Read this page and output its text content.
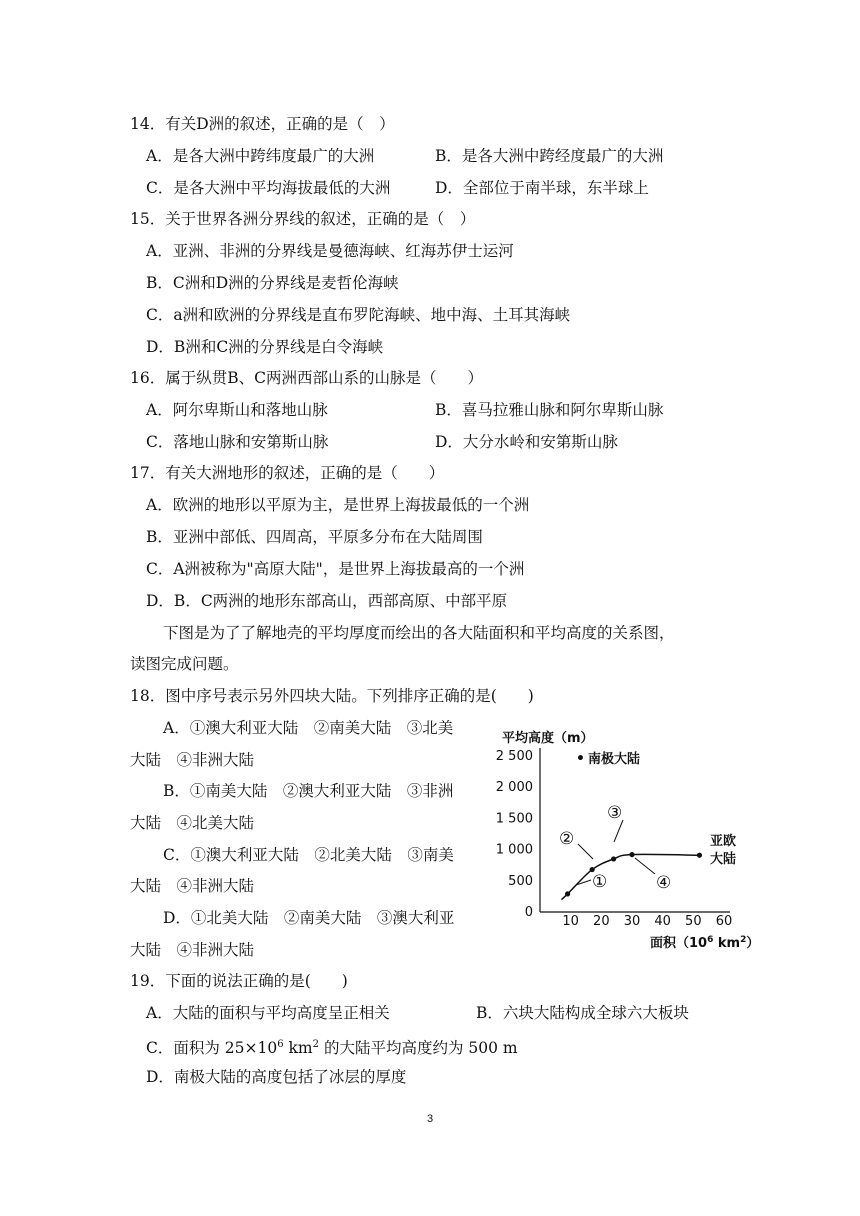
14．有关D洲的叙述，正确的是（　）
A．是各大洲中跨纬度最广的大洲	B．是各大洲中跨经度最广的大洲
C．是各大洲中平均海拔最低的大洲	D．全部位于南半球，东半球上
15．关于世界各洲分界线的叙述，正确的是（　）
A．亚洲、非洲的分界线是曼德海峡、红海苏伊士运河
B．C洲和D洲的分界线是麦哲伦海峡
C．a洲和欧洲的分界线是直布罗陀海峡、地中海、土耳其海峡
D．B洲和C洲的分界线是白令海峡
16．属于纵贯B、C两洲西部山系的山脉是（　　）
A．阿尔卑斯山和落地山脉	B．喜马拉雅山脉和阿尔卑斯山脉
C．落地山脉和安第斯山脉	D．大分水岭和安第斯山脉
17．有关大洲地形的叙述，正确的是（　　）
A．欧洲的地形以平原为主，是世界上海拔最低的一个洲
B．亚洲中部低、四周高，平原多分布在大陆周围
C．A洲被称为"高原大陆"，是世界上海拔最高的一个洲
D．B．C两洲的地形东部高山，西部高原、中部平原
下图是为了了解地壳的平均厚度而绘出的各大陆面积和平均高度的关系图，
读图完成问题。
18．图中序号表示另外四块大陆。下列排序正确的是(　　)
A．①澳大利亚大陆　②南美大陆　③北美
大陆　④非洲大陆
B．①南美大陆　②澳大利亚大陆　③非洲
大陆　④北美大陆
C．①澳大利亚大陆　②北美大陆　③南美
大陆　④非洲大陆
D．①北美大陆　②南美大陆　③澳大利亚
大陆　④非洲大陆
平均高度（m）
0
500
1 000
1 500
2 000
2 500
10 20 30 40 50 60
• 南极大陆
①
②
③
④
亚欧
大陆
面积（$10^6$ $km^2$）
19．下面的说法正确的是(　　)
A．大陆的面积与平均高度呈正相关	B．六块大陆构成全球六大板块
C．面积为 $25\times 10^6$ $km^2$ 的大陆平均高度约为 500 m
D．南极大陆的高度包括了冰层的厚度
3
